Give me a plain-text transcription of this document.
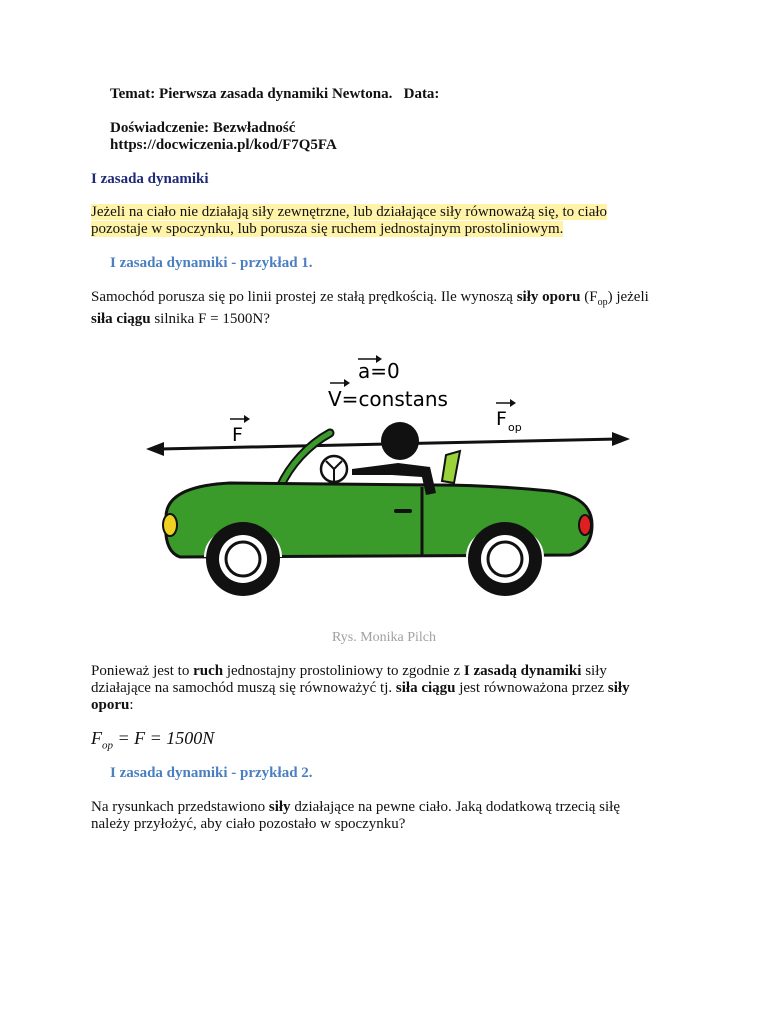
Temat: Pierwsza zasada dynamiki Newtona. Data:
Doświadczenie: Bezwładność
https://docwiczenia.pl/kod/F7Q5FA
I zasada dynamiki
Jeżeli na ciało nie działają siły zewnętrzne, lub działające siły równoważą się, to ciało
pozostaje w spoczynku, lub porusza się ruchem jednostajnym prostoliniowym.
I zasada dynamiki - przykład 1.
Samochód porusza się po linii prostej ze stałą prędkością. Ile wynoszą siły oporu $(F_{op})$ jeżeli
siła ciągu silnika F = 1500N?
a=0
V=constans
F
F op
Rys. Monika Pilch
Ponieważ jest to ruch jednostajny prostoliniowy to zgodnie z I zasadą dynamiki siły
działające na samochód muszą się równoważyć tj. siła ciągu jest równoważona przez siły
oporu:
$F_{op} = F = 1500N$
I zasada dynamiki - przykład 2.
Na rysunkach przedstawiono siły działające na pewne ciało. Jaką dodatkową trzecią siłę
należy przyłożyć, aby ciało pozostało w spoczynku?
